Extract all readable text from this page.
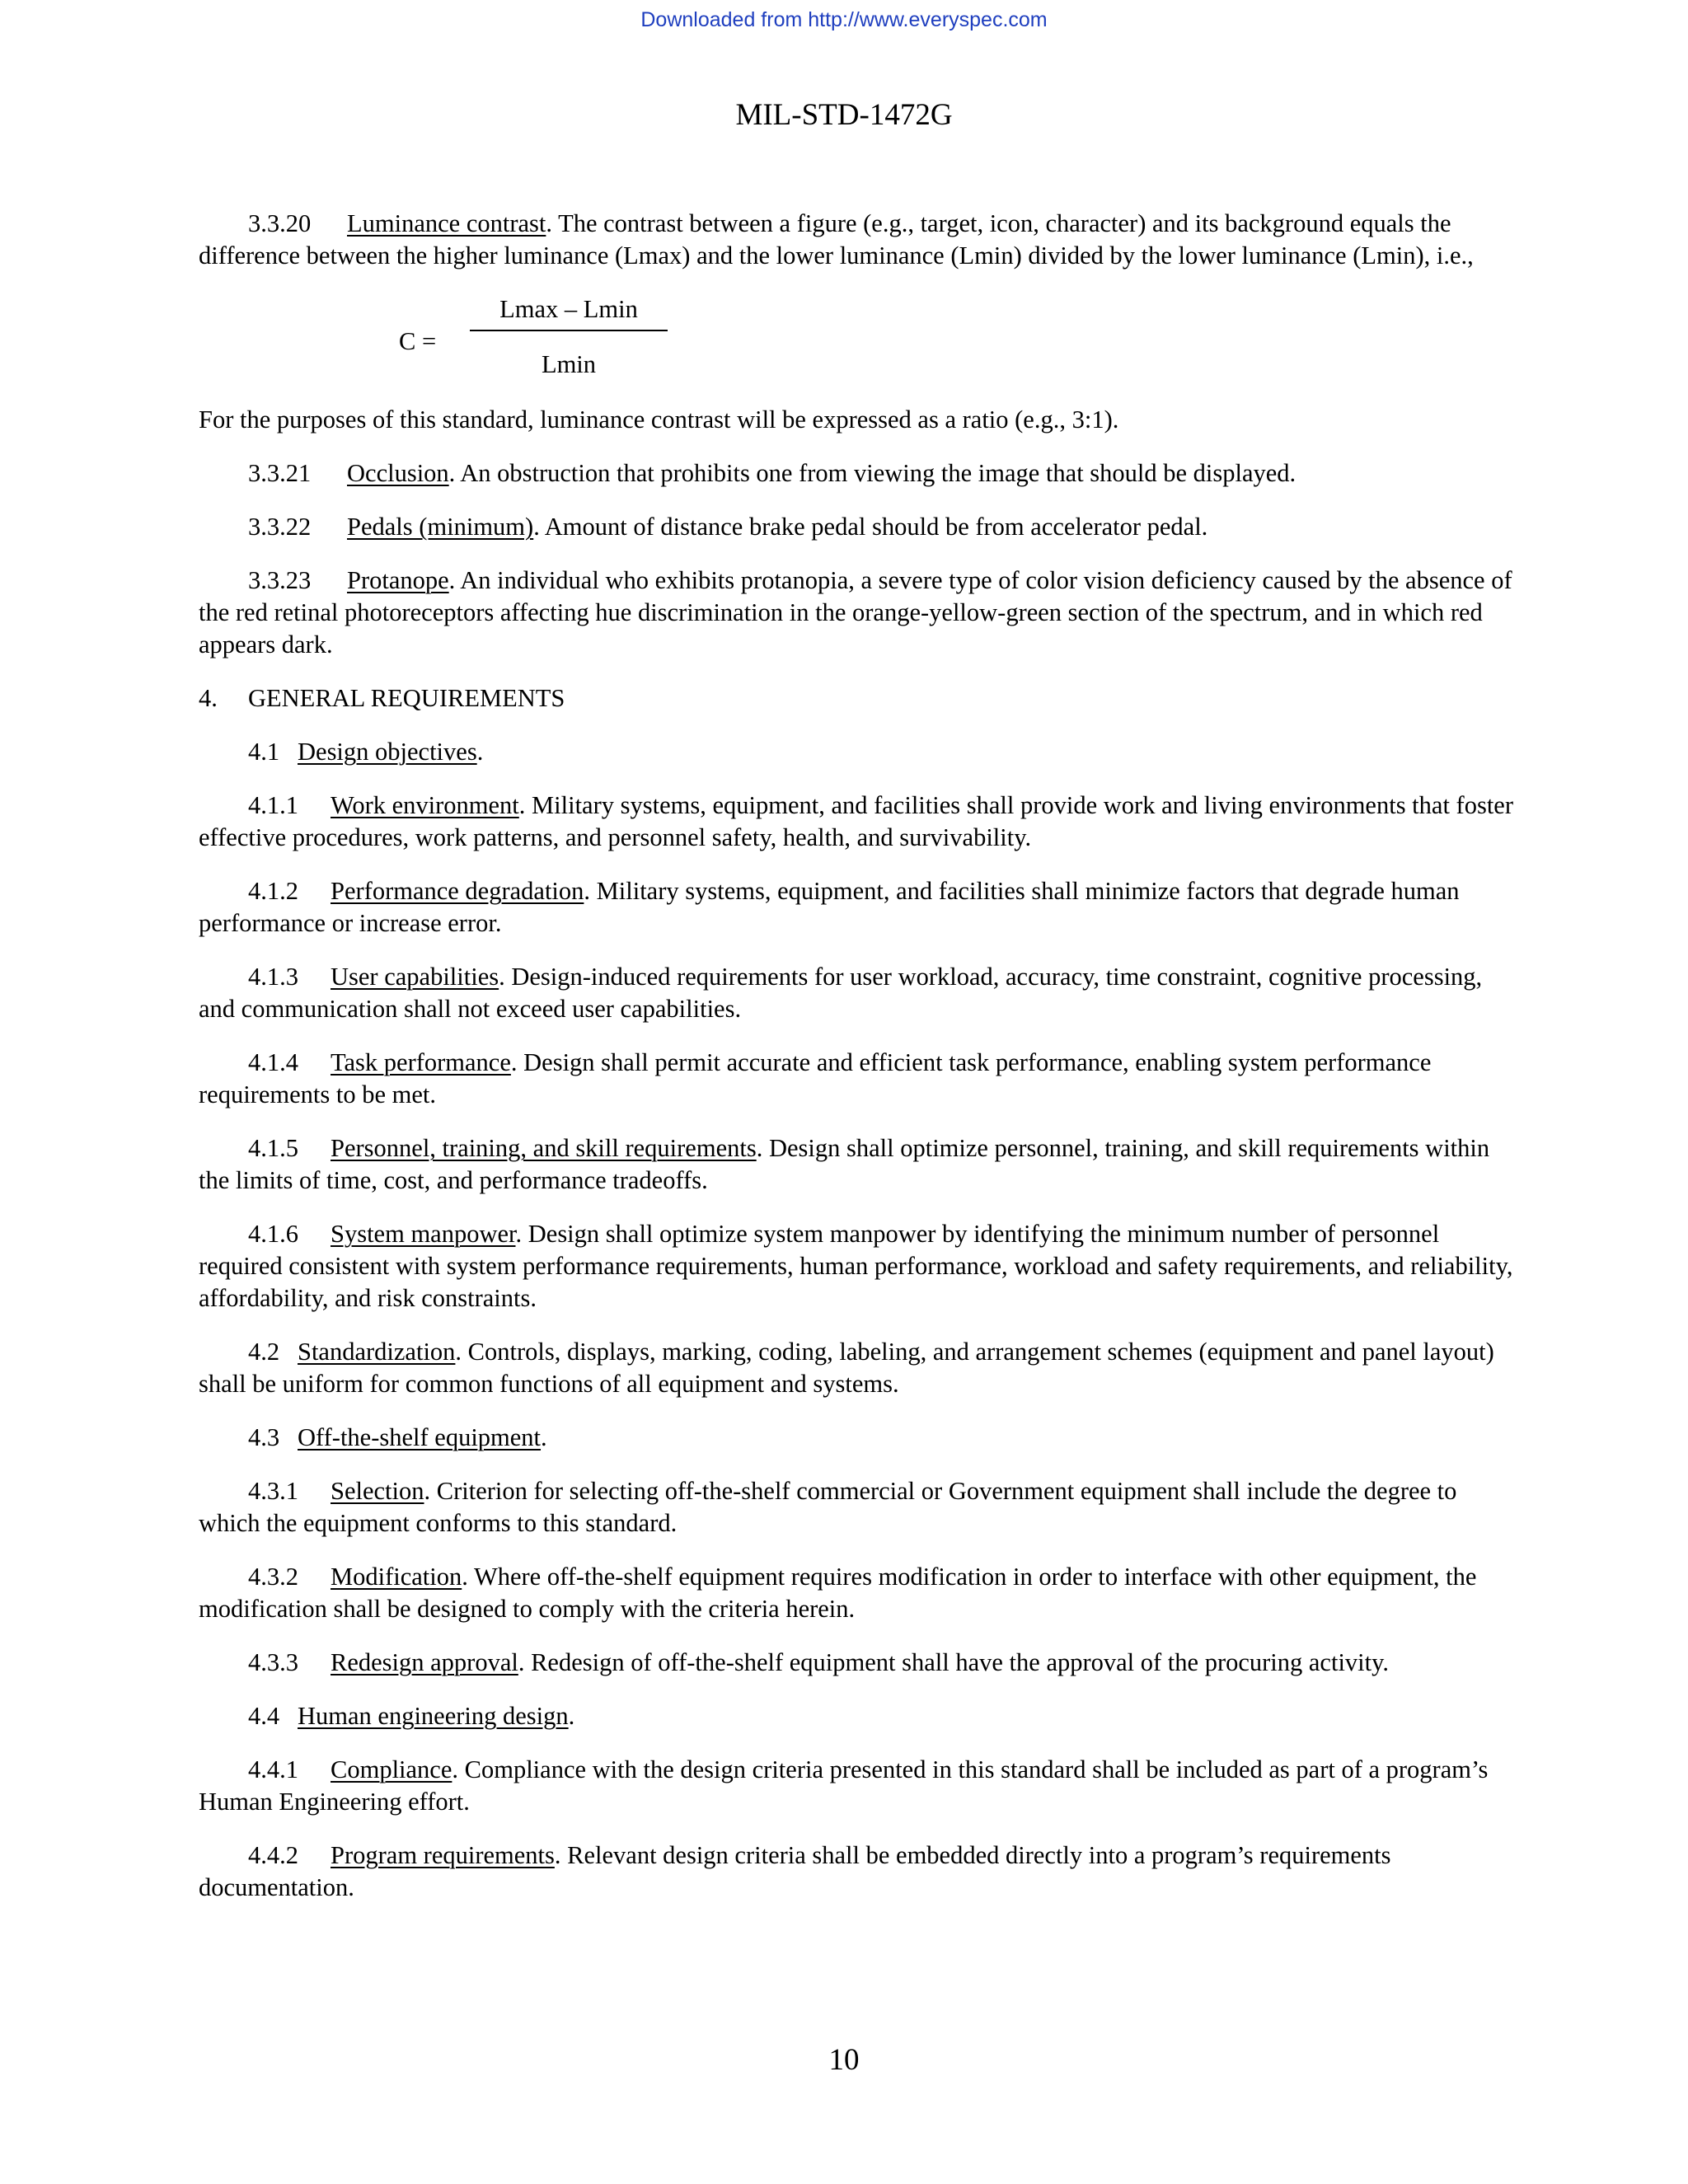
Downloaded from http://www.everyspec.com
MIL-STD-1472G

3.3.20 Luminance contrast. The contrast between a figure (e.g., target, icon, character) and its background equals the difference between the higher luminance (Lmax) and the lower luminance (Lmin) divided by the lower luminance (Lmin), i.e.,

C =
Lmax – Lmin
Lmin

For the purposes of this standard, luminance contrast will be expressed as a ratio (e.g., 3:1).

3.3.21 Occlusion. An obstruction that prohibits one from viewing the image that should be displayed.

3.3.22 Pedals (minimum). Amount of distance brake pedal should be from accelerator pedal.

3.3.23 Protanope. An individual who exhibits protanopia, a severe type of color vision deficiency caused by the absence of the red retinal photoreceptors affecting hue discrimination in the orange-yellow-green section of the spectrum, and in which red appears dark.

4. GENERAL REQUIREMENTS

4.1 Design objectives.

4.1.1 Work environment. Military systems, equipment, and facilities shall provide work and living environments that foster effective procedures, work patterns, and personnel safety, health, and survivability.

4.1.2 Performance degradation. Military systems, equipment, and facilities shall minimize factors that degrade human performance or increase error.

4.1.3 User capabilities. Design-induced requirements for user workload, accuracy, time constraint, cognitive processing, and communication shall not exceed user capabilities.

4.1.4 Task performance. Design shall permit accurate and efficient task performance, enabling system performance requirements to be met.

4.1.5 Personnel, training, and skill requirements. Design shall optimize personnel, training, and skill requirements within the limits of time, cost, and performance tradeoffs.

4.1.6 System manpower. Design shall optimize system manpower by identifying the minimum number of personnel required consistent with system performance requirements, human performance, workload and safety requirements, and reliability, affordability, and risk constraints.

4.2 Standardization. Controls, displays, marking, coding, labeling, and arrangement schemes (equipment and panel layout) shall be uniform for common functions of all equipment and systems.

4.3 Off-the-shelf equipment.

4.3.1 Selection. Criterion for selecting off-the-shelf commercial or Government equipment shall include the degree to which the equipment conforms to this standard.

4.3.2 Modification. Where off-the-shelf equipment requires modification in order to interface with other equipment, the modification shall be designed to comply with the criteria herein.

4.3.3 Redesign approval. Redesign of off-the-shelf equipment shall have the approval of the procuring activity.

4.4 Human engineering design.

4.4.1 Compliance. Compliance with the design criteria presented in this standard shall be included as part of a program’s Human Engineering effort.

4.4.2 Program requirements. Relevant design criteria shall be embedded directly into a program’s requirements documentation.

10
